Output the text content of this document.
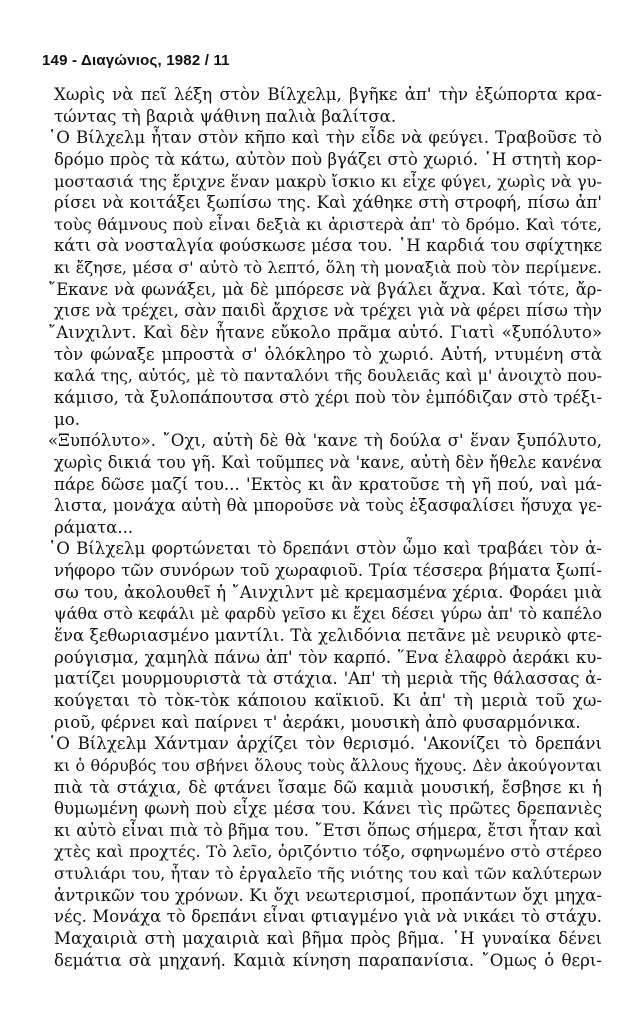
149 - Διαγώνιος, 1982 / 11
Χωρὶς νὰ πεῖ λέξη στὸν Βίλχελμ, βγῆκε ἀπ' τὴν ἐξώπορτα κρα-
τώντας τὴ βαριὰ ψάθινη παλιὰ βαλίτσα.
῾Ο Βίλχελμ ἦταν στὸν κῆπο καὶ τὴν εἶδε νὰ φεύγει. Τραβοῦσε τὸ
δρόμο πρὸς τὰ κάτω, αὐτὸν ποὺ βγάζει στὸ χωριό. ῾Η στητὴ κορ-
μοστασιά της ἔριχνε ἕναν μακρὺ ἴσκιο κι εἶχε φύγει, χωρὶς νὰ γυ-
ρίσει νὰ κοιτάξει ξωπίσω της. Καὶ χάθηκε στὴ στροφή, πίσω ἀπ'
τοὺς θάμνους ποὺ εἶναι δεξιὰ κι ἀριστερὰ ἀπ' τὸ δρόμο. Καὶ τότε,
κάτι σὰ νοσταλγία φούσκωσε μέσα του. ῾Η καρδιά του σφίχτηκε
κι ἔζησε, μέσα σ' αὐτὸ τὸ λεπτό, ὅλη τὴ μοναξιὰ ποὺ τὸν περίμενε.
῎Εκανε νὰ φωνάξει, μὰ δὲ μπόρεσε νὰ βγάλει ἄχνα. Καὶ τότε, ἄρ-
χισε νὰ τρέχει, σὰν παιδὶ ἄρχισε νὰ τρέχει γιὰ νὰ φέρει πίσω τὴν
῎Αινχιλντ. Καὶ δὲν ἦτανε εὔκολο πρᾶμα αὐτό. Γιατὶ «ξυπόλυτο»
τὸν φώναξε μπροστὰ σ' ὁλόκληρο τὸ χωριό. Αὐτή, ντυμένη στὰ
καλά της, αὐτός, μὲ τὸ πανταλόνι τῆς δουλειᾶς καὶ μ' ἀνοιχτὸ που-
κάμισο, τὰ ξυλοπάπουτσα στὸ χέρι ποὺ τὸν ἐμπόδιζαν στὸ τρέξι-
μο.
«Ξυπόλυτο». ῎Οχι, αὐτὴ δὲ θὰ 'κανε τὴ δούλα σ' ἕναν ξυπόλυτο,
χωρὶς δικιά του γῆ. Καὶ τοῦμπες νὰ 'κανε, αὐτὴ δὲν ἤθελε κανένα
πάρε δῶσε μαζί του... 'Εκτὸς κι ἂν κρατοῦσε τὴ γῆ πού, ναὶ μά-
λιστα, μονάχα αὐτὴ θὰ μποροῦσε νὰ τοὺς ἐξασφαλίσει ἥσυχα γε-
ράματα...
῾Ο Βίλχελμ φορτώνεται τὸ δρεπάνι στὸν ὦμο καὶ τραβάει τὸν ἀ-
νήφορο τῶν συνόρων τοῦ χωραφιοῦ. Τρία τέσσερα βήματα ξωπί-
σω του, ἀκολουθεῖ ἡ ῎Αινχιλντ μὲ κρεμασμένα χέρια. Φοράει μιὰ
ψάθα στὸ κεφάλι μὲ φαρδὺ γεῖσο κι ἔχει δέσει γύρω ἀπ' τὸ καπέλο
ἕνα ξεθωριασμένο μαντίλι. Τὰ χελιδόνια πετᾶνε μὲ νευρικὸ φτε-
ρούγισμα, χαμηλὰ πάνω ἀπ' τὸν καρπό. ῞Ενα ἐλαφρὸ ἀεράκι κυ-
ματίζει μουρμουριστὰ τὰ στάχια. 'Απ' τὴ μεριὰ τῆς θάλασσας ἀ-
κούγεται τὸ τὸκ-τὸκ κάποιου καϊκιοῦ. Κι ἀπ' τὴ μεριὰ τοῦ χω-
ριοῦ, φέρνει καὶ παίρνει τ' ἀεράκι, μουσικὴ ἀπὸ φυσαρμόνικα.
῾Ο Βίλχελμ Χάντμαν ἀρχίζει τὸν θερισμό. 'Ακονίζει τὸ δρεπάνι
κι ὁ θόρυβός του σβήνει ὅλους τοὺς ἄλλους ἤχους. Δὲν ἀκούγονται
πιὰ τὰ στάχια, δὲ φτάνει ἴσαμε δῶ καμιὰ μουσική, ἔσβησε κι ἡ
θυμωμένη φωνὴ ποὺ εἶχε μέσα του. Κάνει τὶς πρῶτες δρεπανιὲς
κι αὐτὸ εἶναι πιὰ τὸ βῆμα του. ῎Ετσι ὅπως σήμερα, ἔτσι ἦταν καὶ
χτὲς καὶ προχτές. Τὸ λεῖο, ὁριζόντιο τόξο, σφηνωμένο στὸ στέρεο
στυλιάρι του, ἦταν τὸ ἐργαλεῖο τῆς νιότης του καὶ τῶν καλύτερων
ἀντρικῶν του χρόνων. Κι ὄχι νεωτερισμοί, προπάντων ὄχι μηχα-
νές. Μονάχα τὸ δρεπάνι εἶναι φτιαγμένο γιὰ νὰ νικάει τὸ στάχυ.
Μαχαιριὰ στὴ μαχαιριὰ καὶ βῆμα πρὸς βῆμα. ῾Η γυναίκα δένει
δεμάτια σὰ μηχανή. Καμιὰ κίνηση παραπανίσια. ῎Ομως ὁ θερι-
